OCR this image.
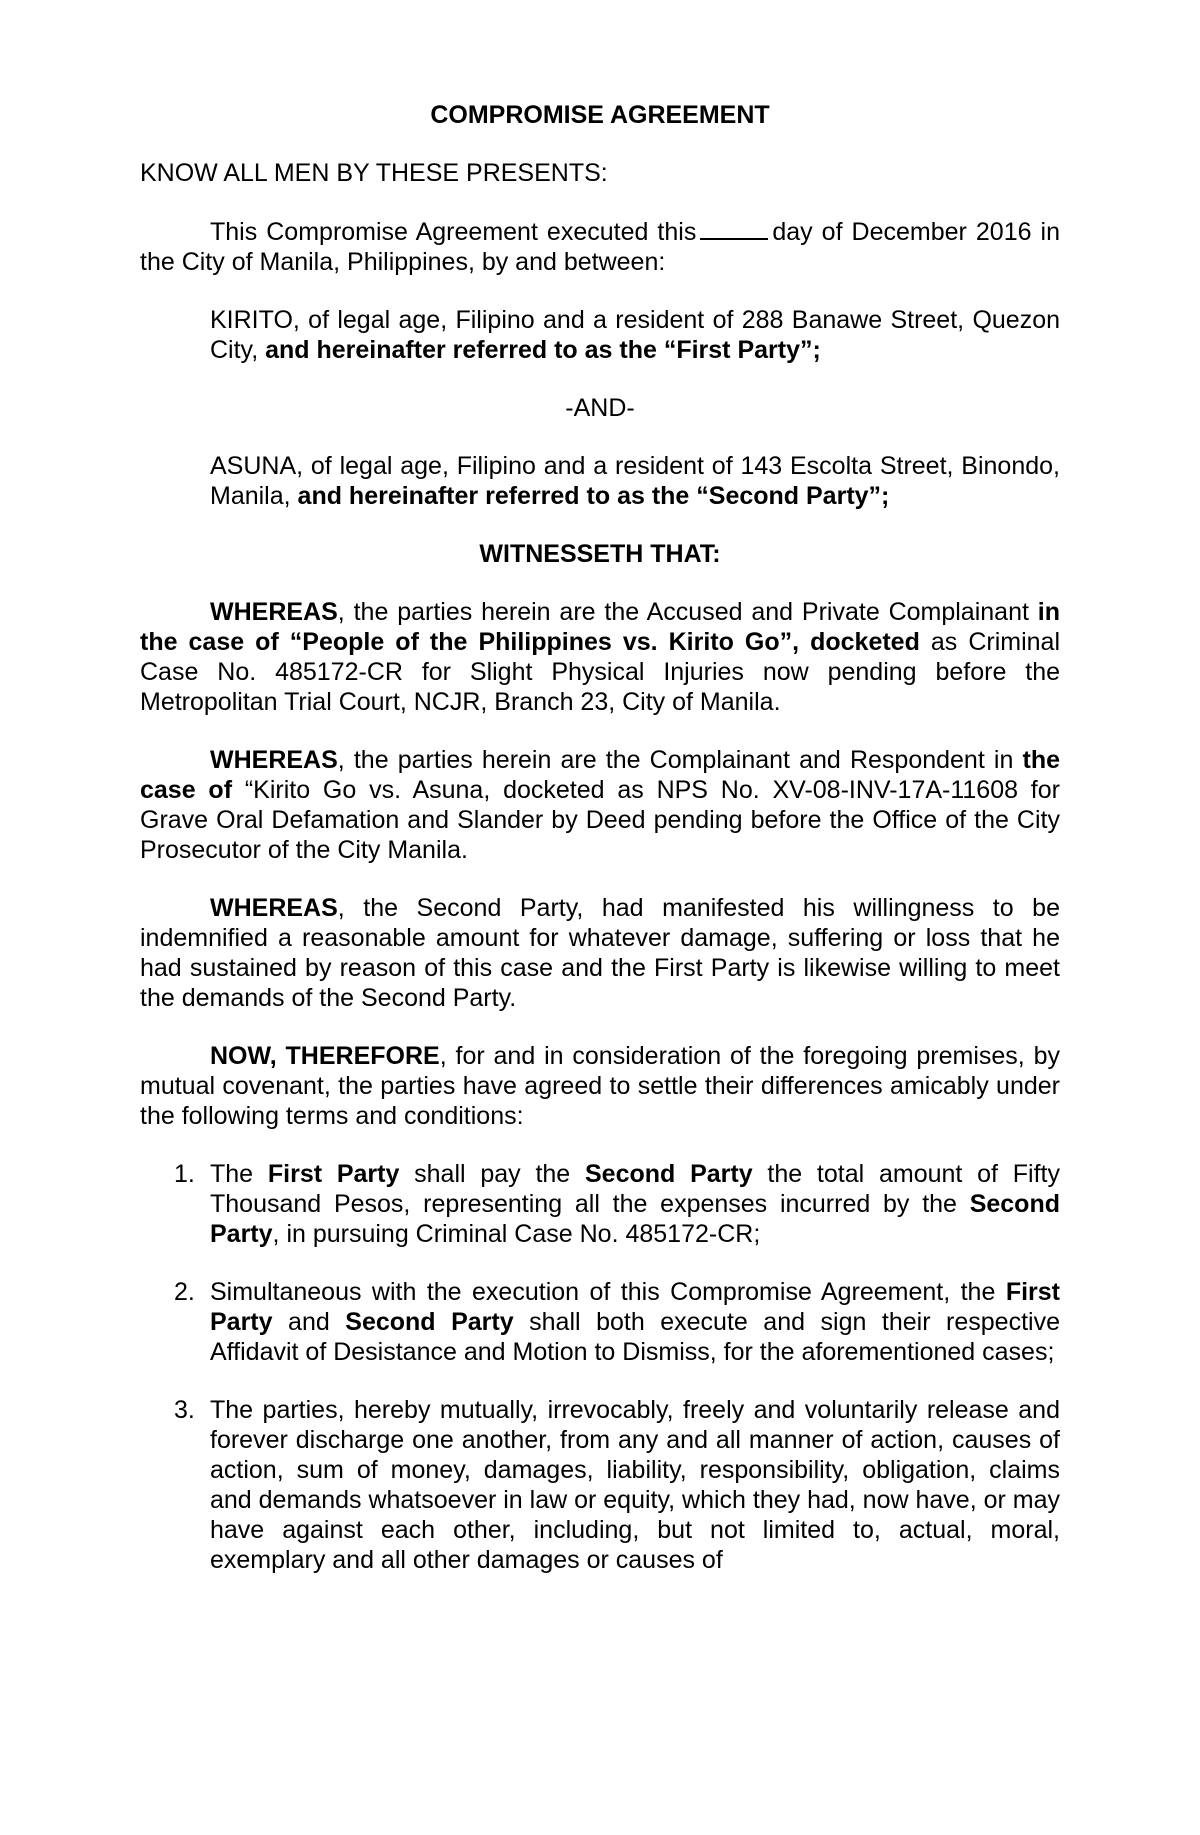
COMPROMISE AGREEMENT

KNOW ALL MEN BY THESE PRESENTS:

This Compromise Agreement executed this	day of December 2016 in the City of Manila, Philippines, by and between:

KIRITO, of legal age, Filipino and a resident of 288 Banawe Street, Quezon City, and hereinafter referred to as the “First Party”;

-AND-

ASUNA, of legal age, Filipino and a resident of 143 Escolta Street, Binondo, Manila, and hereinafter referred to as the “Second Party”;

WITNESSETH THAT:

WHEREAS, the parties herein are the Accused and Private Complainant in the case of “People of the Philippines vs. Kirito Go”, docketed as Criminal Case No. 485172-CR for Slight Physical Injuries now pending before the Metropolitan Trial Court, NCJR, Branch 23, City of Manila.

WHEREAS, the parties herein are the Complainant and Respondent in the case of “Kirito Go vs. Asuna, docketed as NPS No. XV-08-INV-17A-11608 for Grave Oral Defamation and Slander by Deed pending before the Office of the City Prosecutor of the City Manila.

WHEREAS, the Second Party, had manifested his willingness to be indemnified a reasonable amount for whatever damage, suffering or loss that he had sustained by reason of this case and the First Party is likewise willing to meet the demands of the Second Party.

NOW, THEREFORE, for and in consideration of the foregoing premises, by mutual covenant, the parties have agreed to settle their differences amicably under the following terms and conditions:

1. The First Party shall pay the Second Party the total amount of Fifty Thousand Pesos, representing all the expenses incurred by the Second Party, in pursuing Criminal Case No. 485172-CR;
2. Simultaneous with the execution of this Compromise Agreement, the First Party and Second Party shall both execute and sign their respective Affidavit of Desistance and Motion to Dismiss, for the aforementioned cases;
3. The parties, hereby mutually, irrevocably, freely and voluntarily release and forever discharge one another, from any and all manner of action, causes of action, sum of money, damages, liability, responsibility, obligation, claims and demands whatsoever in law or equity, which they had, now have, or may have against each other, including, but not limited to, actual, moral, exemplary and all other damages or causes of
